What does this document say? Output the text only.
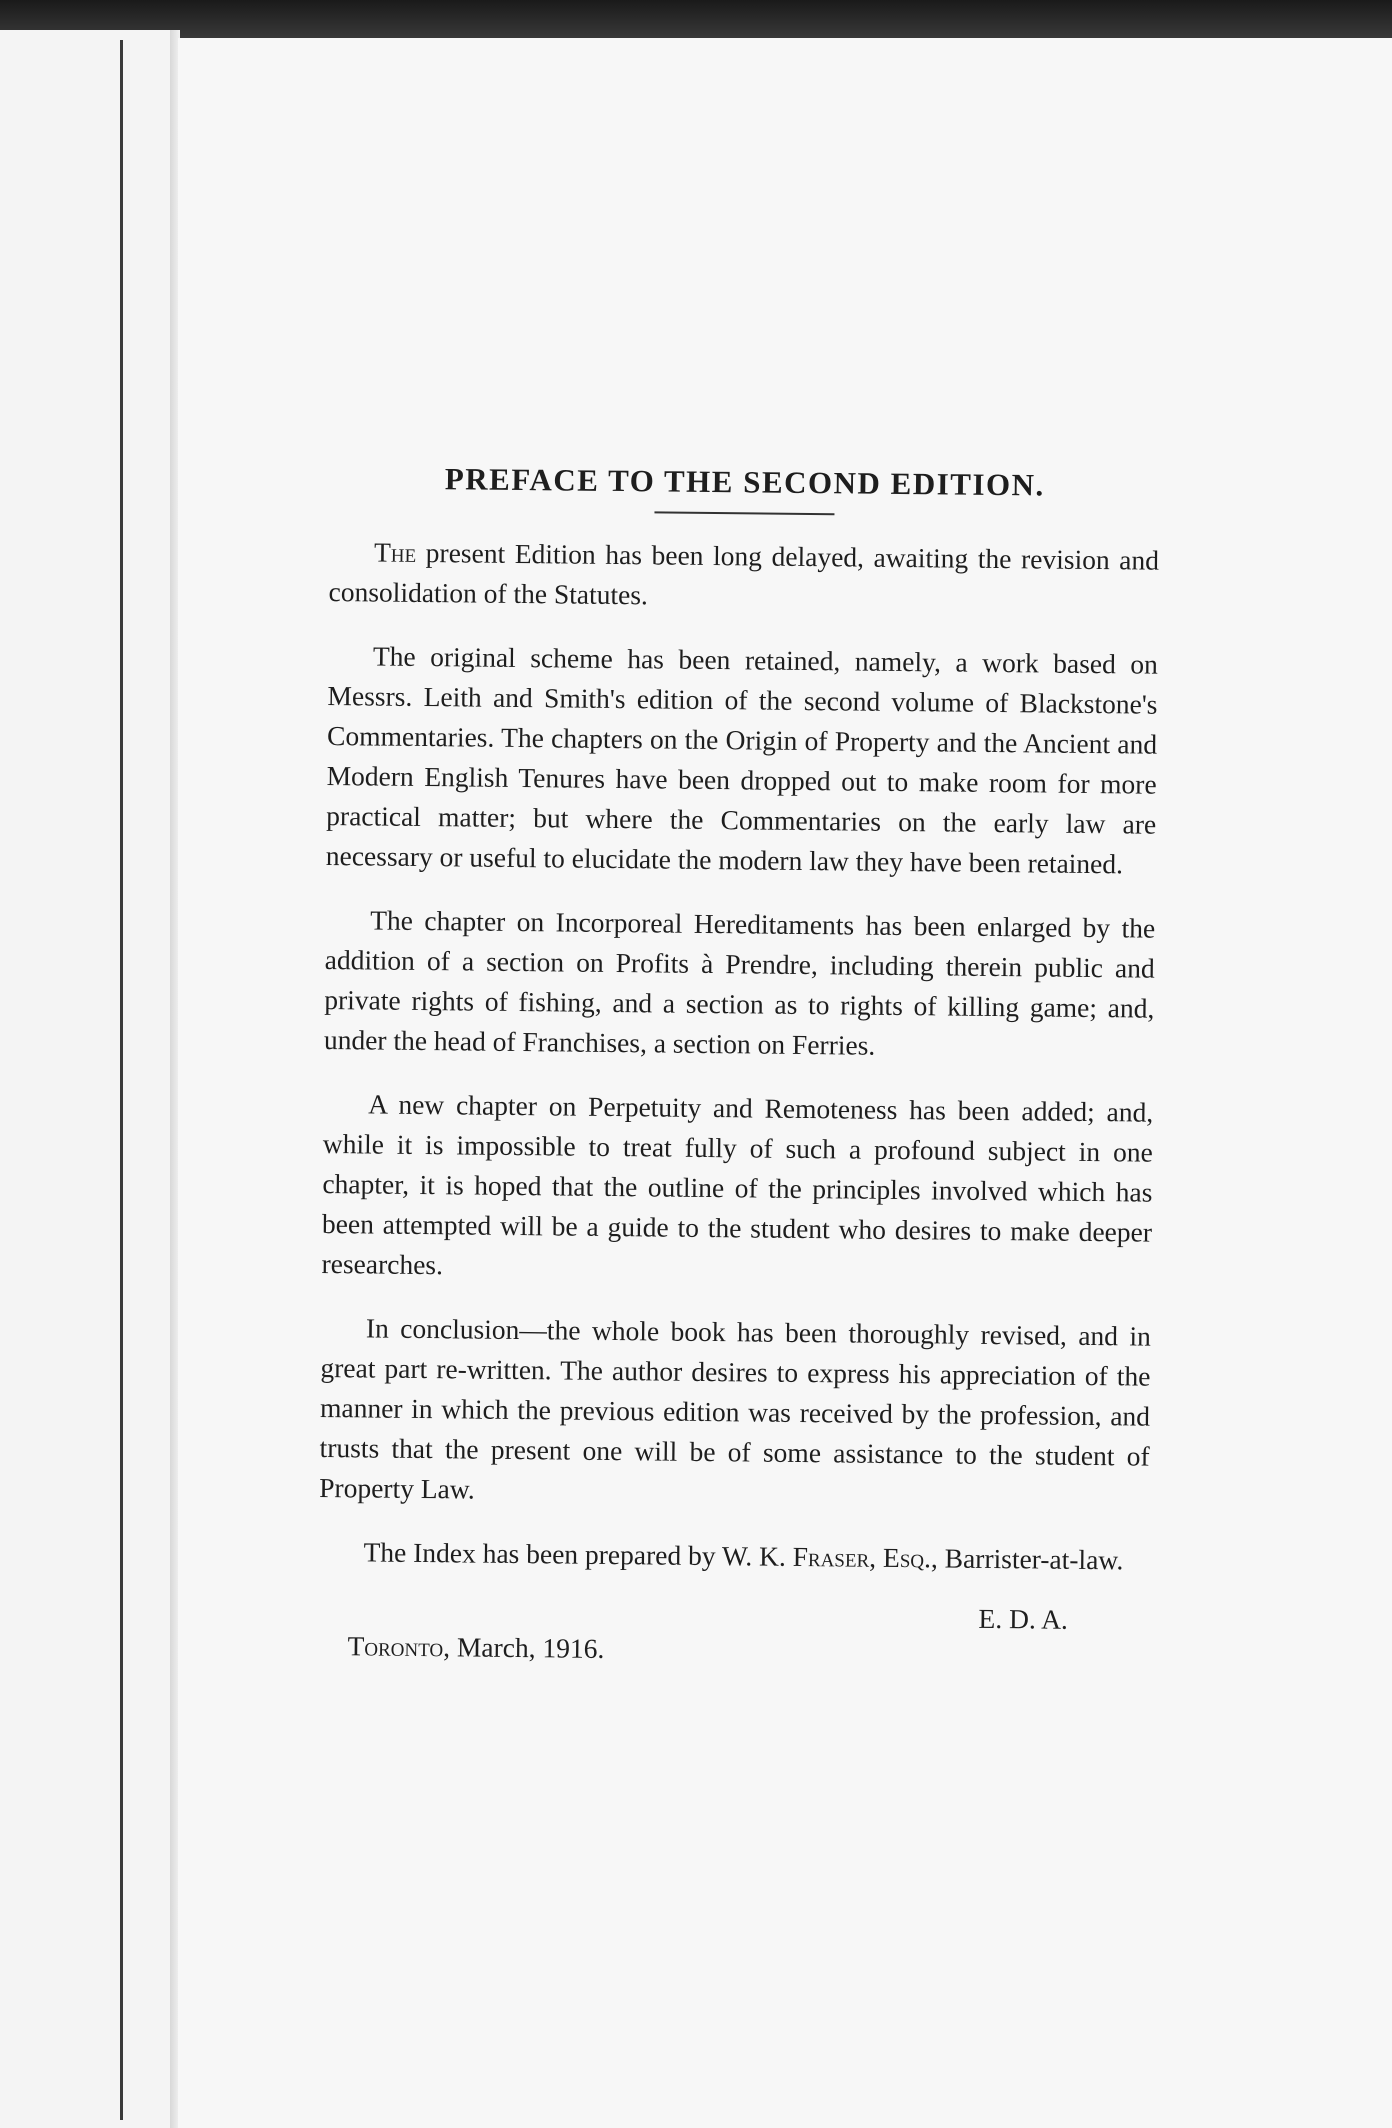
PREFACE TO THE SECOND EDITION.

The present Edition has been long delayed, awaiting the revision and consolidation of the Statutes.

The original scheme has been retained, namely, a work based on Messrs. Leith and Smith's edition of the second volume of Blackstone's Commentaries. The chapters on the Origin of Property and the Ancient and Modern English Tenures have been dropped out to make room for more practical matter; but where the Commentaries on the early law are necessary or useful to elucidate the modern law they have been retained.

The chapter on Incorporeal Hereditaments has been enlarged by the addition of a section on Profits à Prendre, including therein public and private rights of fishing, and a section as to rights of killing game; and, under the head of Franchises, a section on Ferries.

A new chapter on Perpetuity and Remoteness has been added; and, while it is impossible to treat fully of such a profound subject in one chapter, it is hoped that the outline of the principles involved which has been attempted will be a guide to the student who desires to make deeper researches.

In conclusion—the whole book has been thoroughly revised, and in great part re-written. The author desires to express his appreciation of the manner in which the previous edition was received by the profession, and trusts that the present one will be of some assistance to the student of Property Law.

The Index has been prepared by W. K. Fraser, Esq., Barrister-at-law.

E. D. A.
Toronto, March, 1916.
